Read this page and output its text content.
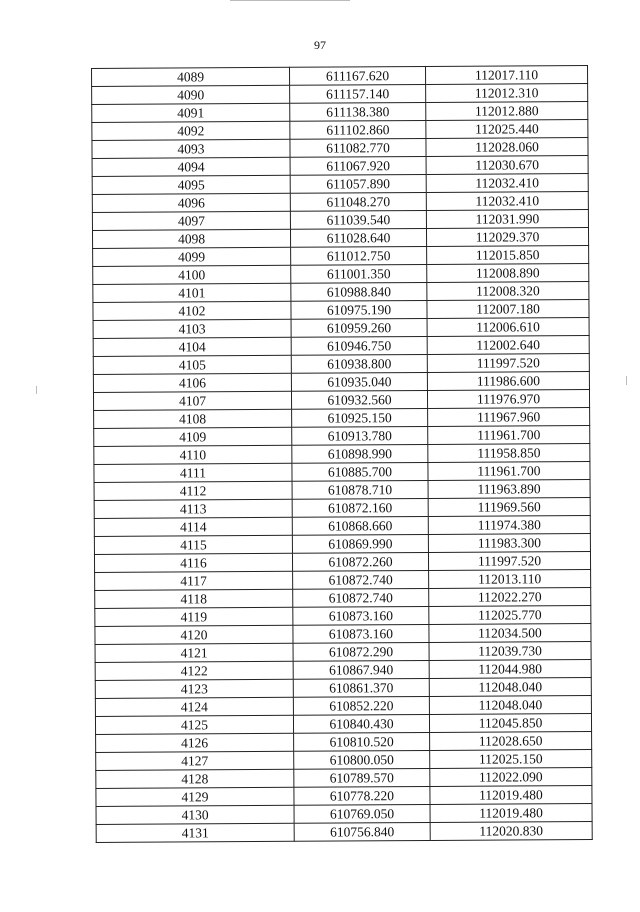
97
4089	611167.620	112017.110
4090	611157.140	112012.310
4091	611138.380	112012.880
4092	611102.860	112025.440
4093	611082.770	112028.060
4094	611067.920	112030.670
4095	611057.890	112032.410
4096	611048.270	112032.410
4097	611039.540	112031.990
4098	611028.640	112029.370
4099	611012.750	112015.850
4100	611001.350	112008.890
4101	610988.840	112008.320
4102	610975.190	112007.180
4103	610959.260	112006.610
4104	610946.750	112002.640
4105	610938.800	111997.520
4106	610935.040	111986.600
4107	610932.560	111976.970
4108	610925.150	111967.960
4109	610913.780	111961.700
4110	610898.990	111958.850
4111	610885.700	111961.700
4112	610878.710	111963.890
4113	610872.160	111969.560
4114	610868.660	111974.380
4115	610869.990	111983.300
4116	610872.260	111997.520
4117	610872.740	112013.110
4118	610872.740	112022.270
4119	610873.160	112025.770
4120	610873.160	112034.500
4121	610872.290	112039.730
4122	610867.940	112044.980
4123	610861.370	112048.040
4124	610852.220	112048.040
4125	610840.430	112045.850
4126	610810.520	112028.650
4127	610800.050	112025.150
4128	610789.570	112022.090
4129	610778.220	112019.480
4130	610769.050	112019.480
4131	610756.840	112020.830
